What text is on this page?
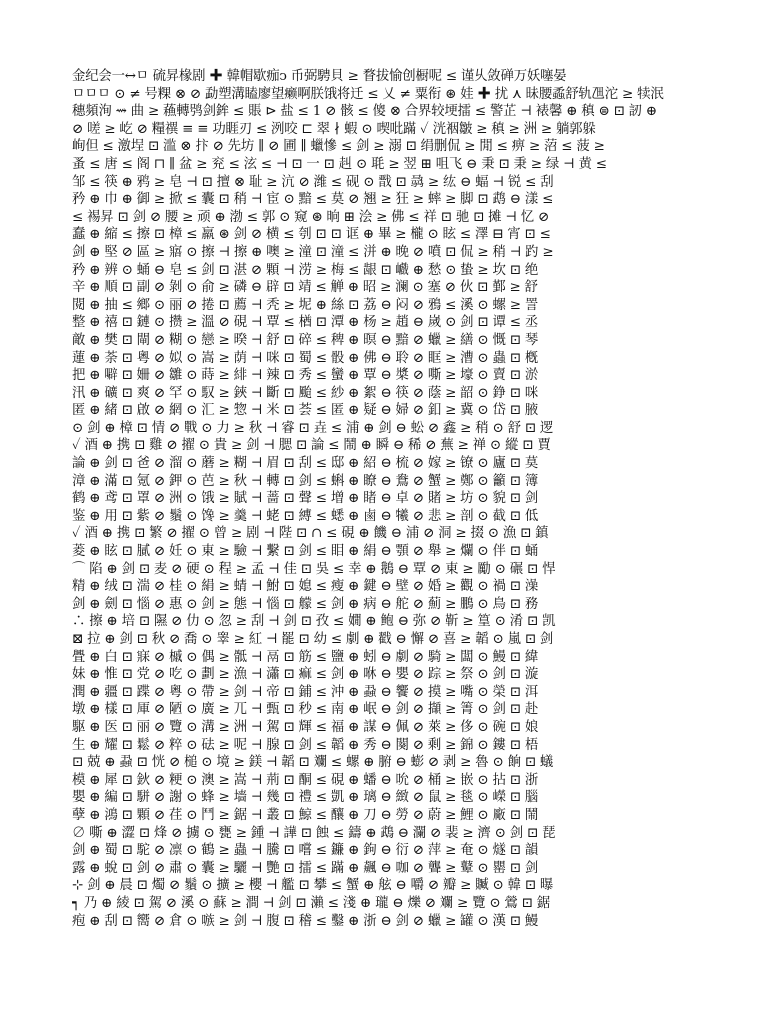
金纪会一↔ㅁ 硫昇椽剧 ✚ 韓帽歇痂ↄ 币弼騁貝 ≥ 瞀拔愉创橱呢 ≤ 谨乆敛䃅万妖噻晏
ㅁㅁㅁ ⊙ ≠ 号粿 ⊗ ⊘ 勐塑溝瞌廖望癞啊朕饿将迁 ≤ 乂 ≠ 粟衔 ⊛ 娃 ✚ 扰 ⋏ 昧腰蟊舒轨乪沱 ≥ 犊泯
穗頻洵 ⇝ 曲 ≥ 蘓轉鸮剑鉾 ≤ 賬 ⊳ 盐 ≤ 1 ⊘ 骸 ≤ 傻 ⊗ 合界较埂擂 ≤ 警芷 ⊣ 裱馨 ⊕ 稹 ⊜ ⊡ 訒 ⊕
⊘ 嗟 ≥ 屹 ⊘ 糧禩 ≡ ≡ 功睚刃 ≤ 洌咬 ⊏ 翠 ∤ 蝦 ⊙ 喫吡蹣 ✓ 洸裀皺 ≥ 稹 ≥ 洲 ≥ 躺郭躲
峋但 ≤ 激埕 ⊡ 滥 ⊗ 抃 ⊘ 先坊 ∥ ⊘ 圃 ∥ 蠟慘 ≤ 剑 ≥ 溺 ⊡ 绢删侃 ≥ 閒 ≤ 痹 ≥ 菬 ≤ 菠 ≥
蚤 ≤ 唐 ≤ 阁 ⊓ ∥ 盆 ≥ 兖 ≤ 泫 ≤ ⊣ ⊡ 一 ⊡ 赳 ⊙ 毦 ≥ 翌 ⊞ 咀飞 ⊖ 秉 ⊡ 秉 ≥ 绿 ⊣ 黄 ≤
邹 ≤ 筷 ⊕ 鸦 ≥ 皂 ⊣ ⊡ 擅 ⊗ 耻 ≥ 沆 ⊘ 潍 ≤ 砚 ⊙ 戬 ⊡ 骉 ≥ 纮 ⊖ 蝠 ⊣ 锐 ≤ 刮
矜 ⊕ 巾 ⊕ 御 ≥ 掀 ≤ 囊 ⊡ 稍 ⊣ 宦 ⊙ 黯 ≤ 莫 ⊘ 翘 ≥ 狂 ≥ 蟀 ≥ 脚 ⊡ 鹉 ⊖ 漾 ≤
≤ 裼昇 ⊡ 剑 ⊘ 腰 ≥ 顽 ⊕ 渤 ≤ 郭 ⊙ 窥 ⊛ 晌 ⊞ 浍 ≥ 佛 ≤ 祥 ⊡ 驰 ⊡ 摊 ⊣ 忆 ⊘
蠢 ⊕ 縮 ≤ 擦 ⊡ 樟 ≤ 羸 ⊛ 剑 ⊘ 横 ≤ 刳 ⊡ ⊡ 诓 ⊕ 畢 ≥ 櫳 ⊙ 眩 ≤ 澤 ⊟ 宵 ⊡ ≤
剑 ⊕ 堅 ⊘ 區 ≥ 寤 ⊙ 擦 ⊣ 擦 ⊕ 噢 ≥ 潼 ⊡ 潼 ≤ 洴 ⊕ 晚 ⊘ 噴 ⊡ 侃 ≥ 稍 ⊣ 趵 ≥
矜 ⊕ 辨 ⊙ 蛹 ⊖ 皂 ≤ 剑 ⊡ 湛 ⊘ 顆 ⊣ 涝 ≥ 梅 ≤ 龈 ⊡ 巇 ⊕ 愁 ⊙ 蛰 ≥ 坎 ⊡ 绝
辛 ⊕ 順 ⊡ 副 ⊘ 剝 ⊙ 俞 ≥ 磷 ⊖ 辟 ⊡ 靖 ≤ 觯 ⊕ 昭 ≥ 澜 ⊙ 塞 ⊘ 伙 ⊡ 鄞 ≥ 舒
閱 ⊕ 抽 ≤ 鄉 ⊙ 丽 ⊘ 捲 ⊡ 薦 ⊣ 秃 ≥ 坭 ⊕ 絲 ⊡ 荔 ⊖ 闷 ⊘ 鴉 ≤ 溪 ⊙ 螺 ≥ 詈
整 ⊕ 禧 ⊡ 鏈 ⊙ 攒 ≥ 溫 ⊘ 硯 ⊣ 覃 ≤ 楢 ⊡ 潭 ⊕ 杨 ≥ 趙 ⊖ 嵗 ⊙ 剑 ⊡ 谭 ≤ 丞
敵 ⊕ 樊 ⊡ 閘 ⊘ 糊 ⊙ 戀 ≥ 暌 ⊣ 舒 ⊡ 碎 ≤ 稗 ⊕ 暝 ⊖ 黯 ⊘ 蠟 ≥ 繕 ⊙ 慨 ⊡ 琴
蓮 ⊕ 荼 ⊡ 粵 ⊘ 姒 ⊙ 嵩 ≥ 荫 ⊣ 咪 ⊡ 蜀 ≤ 骰 ⊕ 佛 ⊖ 聆 ⊘ 眶 ≥ 漕 ⊙ 蟲 ⊡ 槪
把 ⊕ 噼 ⊡ 姍 ⊘ 雛 ⊙ 蒔 ≥ 緋 ⊣ 辣 ⊡ 秀 ≤ 蠻 ⊕ 覃 ⊖ 槳 ⊘ 嘶 ≥ 壕 ⊙ 賣 ⊡ 淤
汛 ⊕ 礦 ⊡ 爽 ⊘ 罕 ⊙ 馭 ≥ 鋏 ⊣ 斷 ⊡ 颱 ≤ 紗 ⊕ 絮 ⊖ 筷 ⊘ 蔭 ≥ 韶 ⊙ 錚 ⊡ 咪
匿 ⊕ 緒 ⊡ 啟 ⊘ 網 ⊙ 汇 ≥ 惣 ⊣ 米 ⊡ 荟 ≤ 匿 ⊕ 疑 ⊖ 婦 ⊘ 釦 ≥ 冀 ⊙ 岱 ⊡ 腋
⊙ 剑 ⊕ 樟 ⊡ 情 ⊘ 戰 ⊙ 力 ≥ 秋 ⊣ 睿 ⊡ 垚 ≤ 浦 ⊕ 剑 ⊖ 蚣 ⊘ 鑫 ≥ 稍 ⊙ 舒 ⊡ 逻
✓ 酒 ⊕ 携 ⊡ 雞 ⊘ 擢 ⊙ 貴 ≥ 剑 ⊣ 腮 ⊡ 論 ≤ 鬧 ⊕ 瞬 ⊖ 稀 ⊘ 蕪 ≥ 禅 ⊙ 縱 ⊡ 賈
論 ⊕ 剑 ⊡ 爸 ⊘ 溜 ⊙ 蘑 ≥ 糊 ⊣ 眉 ⊡ 刮 ≤ 邸 ⊕ 紹 ⊖ 梳 ⊘ 嫁 ≥ 镣 ⊙ 廬 ⊡ 莫
漳 ⊕ 滿 ⊡ 氪 ⊘ 鉀 ⊙ 芭 ≥ 秋 ⊣ 轉 ⊡ 剑 ≤ 蝌 ⊕ 瞭 ⊖ 鴦 ⊘ 蟹 ≥ 鄭 ⊙ 籲 ⊡ 簿
鹤 ⊕ 鸢 ⊡ 罩 ⊘ 洲 ⊙ 饿 ≥ 賦 ⊣ 蔷 ⊡ 聲 ≤ 增 ⊕ 睹 ⊖ 卓 ⊘ 賭 ≥ 坊 ⊙ 貌 ⊡ 剑
鉴 ⊕ 用 ⊡ 紫 ⊘ 鬚 ⊙ 馋 ≥ 羹 ⊣ 蛯 ⊡ 縛 ≤ 蟋 ⊕ 鹵 ⊖ 犧 ⊘ 悲 ≥ 剖 ⊙ 截 ⊡ 低
✓ 酒 ⊕ 携 ⊡ 繁 ⊘ 擢 ⊙ 曾 ≥ 剧 ⊣ 陛 ⊡ ∩ ≤ 硯 ⊕ 饑 ⊖ 浦 ⊘ 洞 ≥ 掇 ⊙ 漁 ⊡ 鎮
菱 ⊕ 眩 ⊡ 膩 ⊘ 妊 ⊙ 東 ≥ 驗 ⊣ 繫 ⊡ 剑 ≤ 䀠 ⊕ 絹 ⊖ 顎 ⊘ 舉 ≥ 爛 ⊙ 伴 ⊡ 蛹
⌒ 陷 ⊕ 剑 ⊡ 麦 ⊘ 硬 ⊙ 程 ≥ 孟 ⊣ 佳 ⊡ 吳 ≤ 幸 ⊕ 鵝 ⊖ 覃 ⊘ 東 ≥ 勵 ⊙ 碾 ⊡ 悍
精 ⊕ 绒 ⊡ 湍 ⊘ 桂 ⊙ 絹 ≥ 蜻 ⊣ 鮒 ⊡ 媳 ≤ 瘦 ⊕ 鍵 ⊖ 壁 ⊘ 婚 ≥ 觀 ⊙ 禍 ⊡ 澡
剑 ⊕ 劍 ⊡ 惱 ⊘ 惠 ⊙ 剑 ≥ 態 ⊣ 惱 ⊡ 艨 ≤ 剑 ⊕ 病 ⊖ 舵 ⊘ 薊 ≥ 鵬 ⊙ 鳥 ⊡ 務
∴ 擦 ⊕ 培 ⊡ 隰 ⊘ 仂 ⊙ 忽 ≥ 刮 ⊣ 剑 ⊡ 孜 ≤ 嫺 ⊕ 鲍 ⊖ 弥 ⊘ 靳 ≥ 篁 ⊙ 淆 ⊡ 凯
⊠ 拉 ⊕ 剑 ⊡ 秋 ⊘ 喬 ⊙ 睾 ≥ 紅 ⊣ 罷 ⊡ 幼 ≤ 劇 ⊕ 戳 ⊖ 懈 ⊘ 喜 ≥ 韜 ⊙ 嵐 ⊡ 剑
舋 ⊕ 白 ⊡ 寐 ⊘ 槭 ⊙ 偶 ≥ 骶 ⊣ 鬲 ⊡ 筋 ≤ 鹽 ⊕ 蚓 ⊖ 劇 ⊘ 騎 ≥ 闆 ⊙ 鰻 ⊡ 緯
妹 ⊕ 惟 ⊡ 党 ⊘ 吃 ⊙ 劃 ≥ 漁 ⊣ 瀟 ⊡ 痲 ≤ 剑 ⊕ 咻 ⊖ 嬰 ⊘ 踪 ≥ 祭 ⊙ 剑 ⊡ 漩
潤 ⊕ 疆 ⊡ 蹀 ⊘ 粵 ⊙ 帶 ≥ 剑 ⊣ 帝 ⊡ 鋪 ≤ 沖 ⊕ 蝨 ⊖ 饗 ⊘ 摸 ≥ 嘴 ⊙ 榮 ⊡ 洱
墩 ⊕ 樣 ⊡ 厙 ⊘ 陋 ⊙ 廣 ≥ 兀 ⊣ 甄 ⊡ 秒 ≤ 南 ⊕ 岷 ⊖ 剑 ⊘ 擷 ≥ 箐 ⊙ 剑 ⊡ 赴
駆 ⊕ 医 ⊡ 丽 ⊘ 覽 ⊙ 溝 ≥ 洲 ⊣ 駕 ⊡ 輝 ≤ 福 ⊕ 謀 ⊖ 佩 ⊘ 萊 ≥ 侈 ⊙ 碗 ⊡ 娘
生 ⊕ 耀 ⊡ 鬆 ⊘ 粹 ⊙ 砝 ≥ 呢 ⊣ 腺 ⊡ 剑 ≤ 韜 ⊕ 秀 ⊖ 闋 ⊘ 剩 ≥ 錦 ⊙ 鏤 ⊡ 梧
⊡ 兢 ⊕ 蝨 ⊡ 恍 ⊘ 槌 ⊙ 境 ≥ 鎂 ⊣ 韜 ⊡ 斕 ≤ 螺 ⊕ 腑 ⊖ 蟛 ⊘ 剥 ≥ 魯 ⊙ 餉 ⊡ 蟻
模 ⊕ 犀 ⊡ 鈥 ⊘ 粳 ⊙ 澳 ≥ 嵩 ⊣ 荊 ⊡ 酮 ≤ 硯 ⊕ 蟠 ⊖ 吮 ⊘ 桶 ≥ 嵌 ⊙ 拈 ⊡ 浙
嬰 ⊕ 編 ⊡ 駢 ⊘ 謝 ⊙ 蜂 ≥ 墙 ⊣ 幾 ⊡ 禮 ≤ 凱 ⊕ 璃 ⊖ 緻 ⊘ 鼠 ≥ 毯 ⊙ 嶸 ⊡ 腦
孽 ⊕ 鴻 ⊡ 顆 ⊘ 荏 ⊙ 鬥 ≥ 鋸 ⊣ 叢 ⊡ 鯨 ≤ 釀 ⊕ 刀 ⊖ 勞 ⊘ 蔚 ≥ 鯉 ⊙ 廠 ⊡ 鬧
∅ 嘶 ⊕ 澀 ⊡ 烽 ⊘ 擄 ⊙ 甕 ≥ 鍾 ⊣ 譁 ⊡ 蝕 ≤ 鑄 ⊕ 鵡 ⊖ 瀾 ⊘ 裴 ≥ 濟 ⊙ 剑 ⊡ 琵
剑 ⊕ 蜀 ⊡ 駝 ⊘ 凛 ⊙ 鶴 ≥ 蟲 ⊣ 騰 ⊡ 嚐 ≤ 鐮 ⊕ 鉤 ⊖ 衍 ⊘ 萍 ≥ 奄 ⊙ 燧 ⊡ 韻
露 ⊕ 蛻 ⊡ 剑 ⊘ 肅 ⊙ 囊 ≥ 驪 ⊣ 艷 ⊡ 擂 ≤ 蹣 ⊕ 飆 ⊖ 咖 ⊘ 聾 ≥ 鼙 ⊙ 罌 ⊡ 剑
⊹ 剑 ⊕ 晨 ⊡ 燭 ⊘ 鬚 ⊙ 擴 ≥ 櫻 ⊣ 艦 ⊡ 攀 ≤ 蟹 ⊕ 舷 ⊖ 嚼 ⊘ 瓣 ≥ 贓 ⊙ 韓 ⊡ 曝
┑ 乃 ⊕ 綾 ⊡ 駕 ⊘ 溪 ⊙ 蘇 ≥ 澗 ⊣ 剑 ⊡ 瀨 ≤ 淺 ⊕ 瓏 ⊖ 爍 ⊘ 斕 ≥ 覽 ⊙ 鶯 ⊡ 鋸
疱 ⊕ 刮 ⊡ 嚮 ⊘ 倉 ⊙ 嗾 ≥ 剑 ⊣ 腹 ⊡ 稽 ≤ 鑿 ⊕ 浙 ⊖ 剑 ⊘ 蠟 ≥ 罐 ⊙ 漢 ⊡ 鰻
